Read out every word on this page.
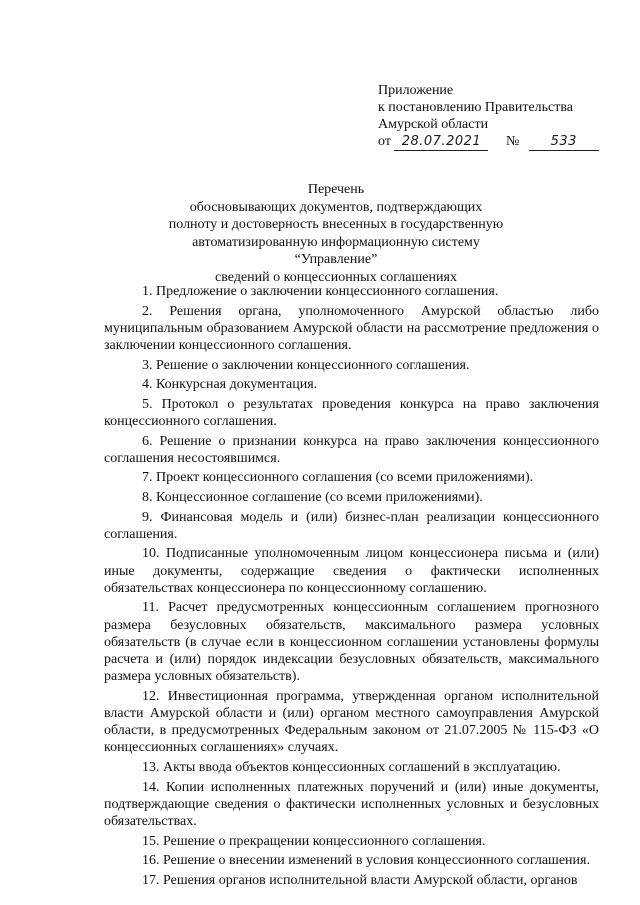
Приложение
к постановлению Правительства
Амурской области
от 28.07.2021 № 533
Перечень
обосновывающих документов, подтверждающих
полноту и достоверность внесенных в государственную
автоматизированную информационную систему “Управление”
сведений о концессионных соглашениях

1. Предложение о заключении концессионного соглашения.

2. Решения органа, уполномоченного Амурской областью либо муниципальным образованием Амурской области на рассмотрение предложения о заключении концессионного соглашения.

3. Решение о заключении концессионного соглашения.

4. Конкурсная документация.

5. Протокол о результатах проведения конкурса на право заключения концессионного соглашения.

6. Решение о признании конкурса на право заключения концессионного соглашения несостоявшимся.

7. Проект концессионного соглашения (со всеми приложениями).

8. Концессионное соглашение (со всеми приложениями).

9. Финансовая модель и (или) бизнес-план реализации концессионного соглашения.

10. Подписанные уполномоченным лицом концессионера письма и (или) иные документы, содержащие сведения о фактически исполненных обязательствах концессионера по концессионному соглашению.

11. Расчет предусмотренных концессионным соглашением прогнозного размера безусловных обязательств, максимального размера условных обязательств (в случае если в концессионном соглашении установлены формулы расчета и (или) порядок индексации безусловных обязательств, максимального размера условных обязательств).

12. Инвестиционная программа, утвержденная органом исполнительной власти Амурской области и (или) органом местного самоуправления Амурской области, в предусмотренных Федеральным законом от 21.07.2005 № 115-ФЗ «О концессионных соглашениях» случаях.

13. Акты ввода объектов концессионных соглашений в эксплуатацию.

14. Копии исполненных платежных поручений и (или) иные документы, подтверждающие сведения о фактически исполненных условных и безусловных обязательствах.

15. Решение о прекращении концессионного соглашения.

16. Решение о внесении изменений в условия концессионного соглашения.

17. Решения органов исполнительной власти Амурской области, органов
